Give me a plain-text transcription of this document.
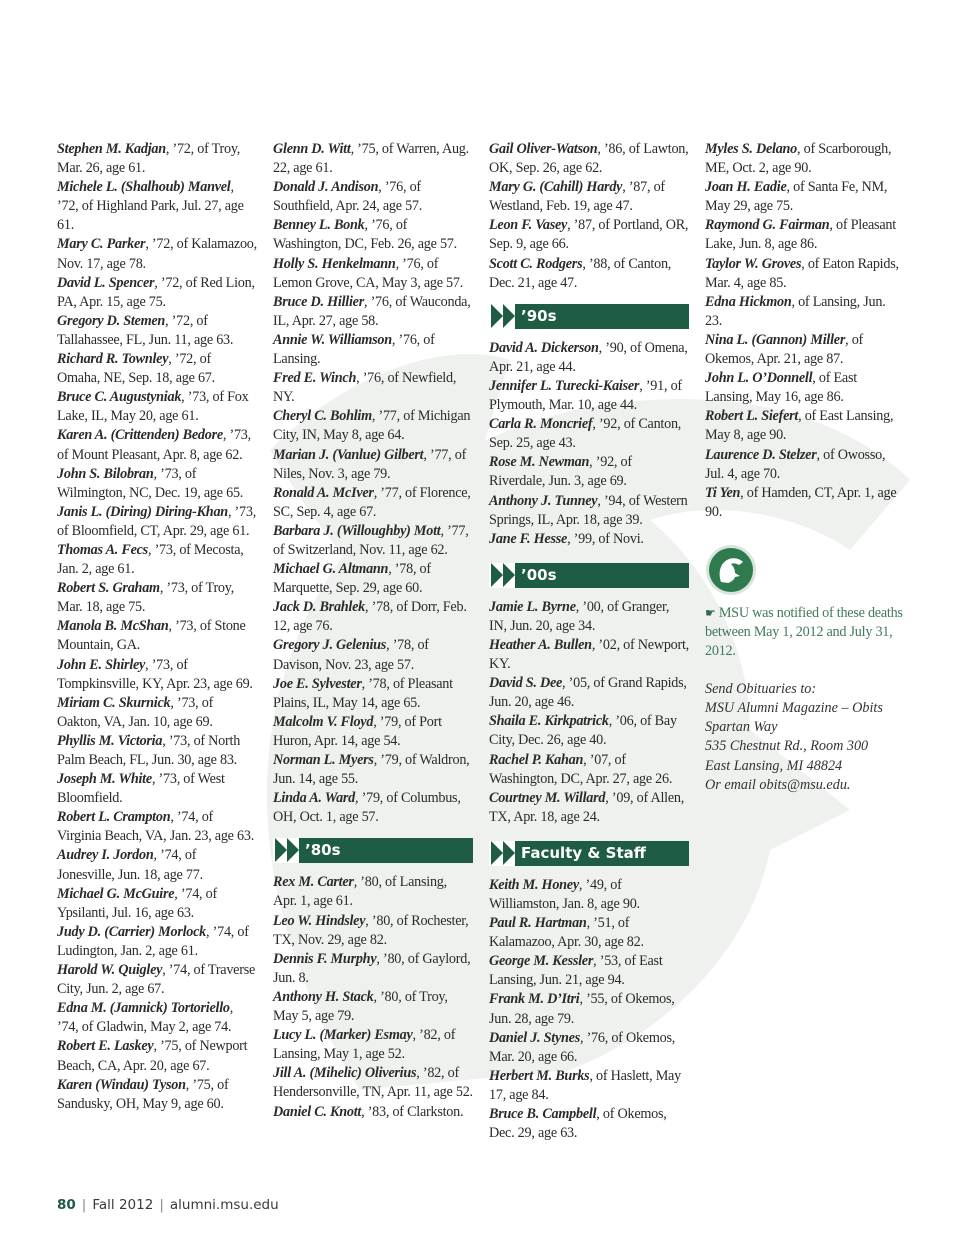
Stephen M. Kadjan, ’72, of Troy, Mar. 26, age 61.

Michele L. (Shalhoub) Manvel, ’72, of Highland Park, Jul. 27, age 61.

Mary C. Parker, ’72, of Kalamazoo, Nov. 17, age 78.

David L. Spencer, ’72, of Red Lion, PA, Apr. 15, age 75.

Gregory D. Stemen, ’72, of Tallahassee, FL, Jun. 11, age 63.

Richard R. Townley, ’72, of Omaha, NE, Sep. 18, age 67.

Bruce C. Augustyniak, ’73, of Fox Lake, IL, May 20, age 61.

Karen A. (Crittenden) Bedore, ’73, of Mount Pleasant, Apr. 8, age 62.

John S. Bilobran, ’73, of Wilmington, NC, Dec. 19, age 65.

Janis L. (Diring) Diring-Khan, ’73, of Bloomfield, CT, Apr. 29, age 61.

Thomas A. Fecs, ’73, of Mecosta, Jan. 2, age 61.

Robert S. Graham, ’73, of Troy, Mar. 18, age 75.

Manola B. McShan, ’73, of Stone Mountain, GA.

John E. Shirley, ’73, of Tompkinsville, KY, Apr. 23, age 69.

Miriam C. Skurnick, ’73, of Oakton, VA, Jan. 10, age 69.

Phyllis M. Victoria, ’73, of North Palm Beach, FL, Jun. 30, age 83.

Joseph M. White, ’73, of West Bloomfield.

Robert L. Crampton, ’74, of Virginia Beach, VA, Jan. 23, age 63.

Audrey I. Jordon, ’74, of Jonesville, Jun. 18, age 77.

Michael G. McGuire, ’74, of Ypsilanti, Jul. 16, age 63.

Judy D. (Carrier) Morlock, ’74, of Ludington, Jan. 2, age 61.

Harold W. Quigley, ’74, of Traverse City, Jun. 2, age 67.

Edna M. (Jamnick) Tortoriello, ’74, of Gladwin, May 2, age 74.

Robert E. Laskey, ’75, of Newport Beach, CA, Apr. 20, age 67.

Karen (Windau) Tyson, ’75, of Sandusky, OH, May 9, age 60.

Glenn D. Witt, ’75, of Warren, Aug. 22, age 61.

Donald J. Andison, ’76, of Southfield, Apr. 24, age 57.

Benney L. Bonk, ’76, of Washington, DC, Feb. 26, age 57.

Holly S. Henkelmann, ’76, of Lemon Grove, CA, May 3, age 57.

Bruce D. Hillier, ’76, of Wauconda, IL, Apr. 27, age 58.

Annie W. Williamson, ’76, of Lansing.

Fred E. Winch, ’76, of Newfield, NY.

Cheryl C. Bohlim, ’77, of Michigan City, IN, May 8, age 64.

Marian J. (Vanlue) Gilbert, ’77, of Niles, Nov. 3, age 79.

Ronald A. McIver, ’77, of Florence, SC, Sep. 4, age 67.

Barbara J. (Willoughby) Mott, ’77, of Switzerland, Nov. 11, age 62.

Michael G. Altmann, ’78, of Marquette, Sep. 29, age 60.

Jack D. Brahlek, ’78, of Dorr, Feb. 12, age 76.

Gregory J. Gelenius, ’78, of Davison, Nov. 23, age 57.

Joe E. Sylvester, ’78, of Pleasant Plains, IL, May 14, age 65.

Malcolm V. Floyd, ’79, of Port Huron, Apr. 14, age 54.

Norman L. Myers, ’79, of Waldron, Jun. 14, age 55.

Linda A. Ward, ’79, of Columbus, OH, Oct. 1, age 57.

’80s

Rex M. Carter, ’80, of Lansing, Apr. 1, age 61.

Leo W. Hindsley, ’80, of Rochester, TX, Nov. 29, age 82.

Dennis F. Murphy, ’80, of Gaylord, Jun. 8.

Anthony H. Stack, ’80, of Troy, May 5, age 79.

Lucy L. (Marker) Esmay, ’82, of Lansing, May 1, age 52.

Jill A. (Mihelic) Oliverius, ’82, of Hendersonville, TN, Apr. 11, age 52.

Daniel C. Knott, ’83, of Clarkston.

Gail Oliver-Watson, ’86, of Lawton, OK, Sep. 26, age 62.

Mary G. (Cahill) Hardy, ’87, of Westland, Feb. 19, age 47.

Leon F. Vasey, ’87, of Portland, OR, Sep. 9, age 66.

Scott C. Rodgers, ’88, of Canton, Dec. 21, age 47.

’90s

David A. Dickerson, ’90, of Omena, Apr. 21, age 44.

Jennifer L. Turecki-Kaiser, ’91, of Plymouth, Mar. 10, age 44.

Carla R. Moncrief, ’92, of Canton, Sep. 25, age 43.

Rose M. Newman, ’92, of Riverdale, Jun. 3, age 69.

Anthony J. Tunney, ’94, of Western Springs, IL, Apr. 18, age 39.

Jane F. Hesse, ’99, of Novi.

’00s

Jamie L. Byrne, ’00, of Granger, IN, Jun. 20, age 34.

Heather A. Bullen, ’02, of Newport, KY.

David S. Dee, ’05, of Grand Rapids, Jun. 20, age 46.

Shaila E. Kirkpatrick, ’06, of Bay City, Dec. 26, age 40.

Rachel P. Kahan, ’07, of Washington, DC, Apr. 27, age 26.

Courtney M. Willard, ’09, of Allen, TX, Apr. 18, age 24.

Faculty & Staff

Keith M. Honey, ’49, of Williamston, Jan. 8, age 90.

Paul R. Hartman, ’51, of Kalamazoo, Apr. 30, age 82.

George M. Kessler, ’53, of East Lansing, Jun. 21, age 94.

Frank M. D’Itri, ’55, of Okemos, Jun. 28, age 79.

Daniel J. Stynes, ’76, of Okemos, Mar. 20, age 66.

Herbert M. Burks, of Haslett, May 17, age 84.

Bruce B. Campbell, of Okemos, Dec. 29, age 63.

Myles S. Delano, of Scarborough, ME, Oct. 2, age 90.

Joan H. Eadie, of Santa Fe, NM, May 29, age 75.

Raymond G. Fairman, of Pleasant Lake, Jun. 8, age 86.

Taylor W. Groves, of Eaton Rapids, Mar. 4, age 85.

Edna Hickmon, of Lansing, Jun. 23.

Nina L. (Gannon) Miller, of Okemos, Apr. 21, age 87.

John L. O’Donnell, of East Lansing, May 16, age 86.

Robert L. Siefert, of East Lansing, May 8, age 90.

Laurence D. Stelzer, of Owosso, Jul. 4, age 70.

Ti Yen, of Hamden, CT, Apr. 1, age 90.

☛ MSU was notified of these deaths between May 1, 2012 and July 31, 2012.

Send Obituaries to:
MSU Alumni Magazine – Obits
Spartan Way
535 Chestnut Rd., Room 300
East Lansing, MI 48824
Or email obits@msu.edu.
80 | Fall 2012 | alumni.msu.edu
